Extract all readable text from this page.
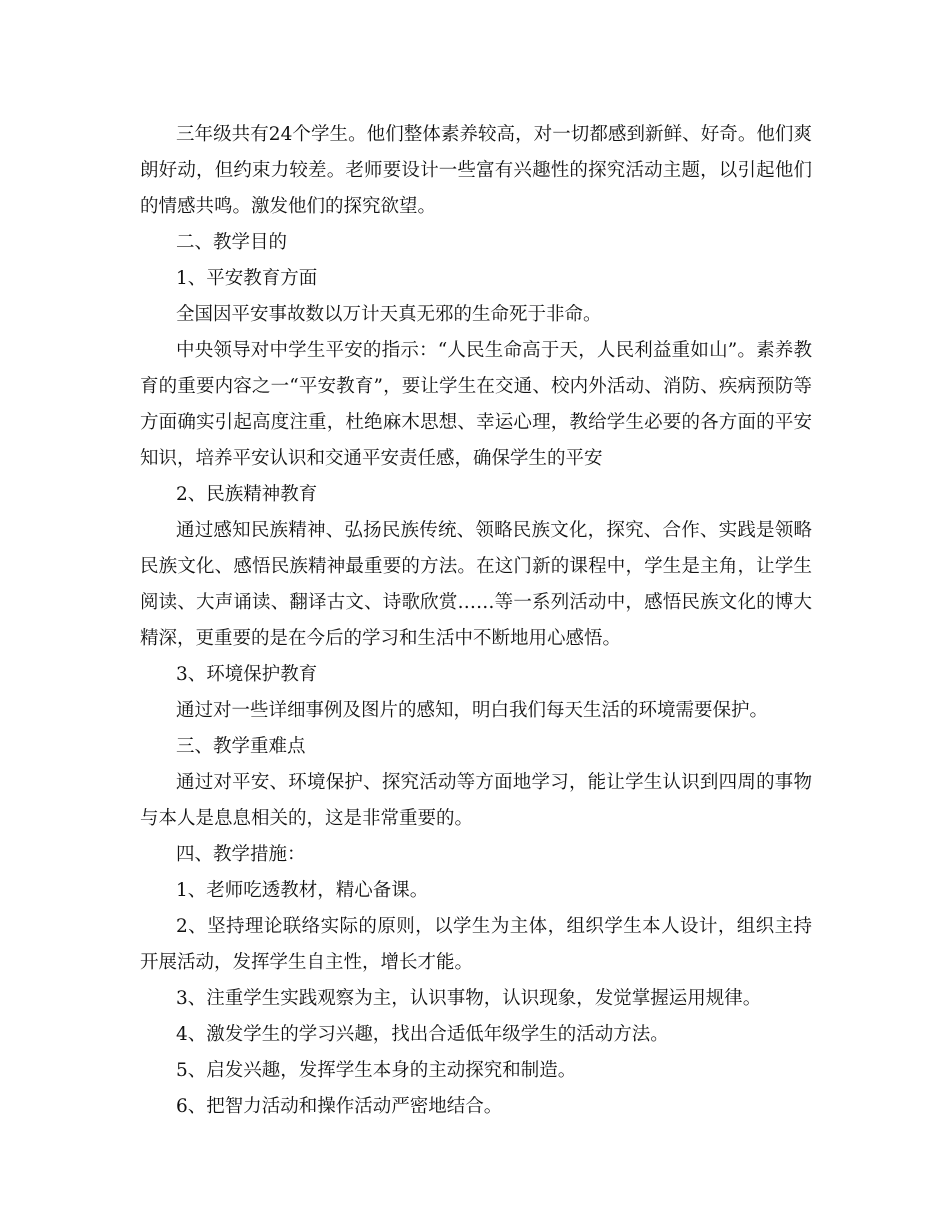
三年级共有24个学生。他们整体素养较高，对一切都感到新鲜、好奇。他们爽朗好动，但约束力较差。老师要设计一些富有兴趣性的探究活动主题，以引起他们的情感共鸣。激发他们的探究欲望。

二、教学目的

1、平安教育方面

全国因平安事故数以万计天真无邪的生命死于非命。

中央领导对中学生平安的指示：“人民生命高于天，人民利益重如山”。素养教育的重要内容之一“平安教育”，要让学生在交通、校内外活动、消防、疾病预防等方面确实引起高度注重，杜绝麻木思想、幸运心理，教给学生必要的各方面的平安知识，培养平安认识和交通平安责任感，确保学生的平安

2、民族精神教育

通过感知民族精神、弘扬民族传统、领略民族文化，探究、合作、实践是领略民族文化、感悟民族精神最重要的方法。在这门新的课程中，学生是主角，让学生阅读、大声诵读、翻译古文、诗歌欣赏……等一系列活动中，感悟民族文化的博大精深，更重要的是在今后的学习和生活中不断地用心感悟。

3、环境保护教育

通过对一些详细事例及图片的感知，明白我们每天生活的环境需要保护。

三、教学重难点

通过对平安、环境保护、探究活动等方面地学习，能让学生认识到四周的事物与本人是息息相关的，这是非常重要的。

四、教学措施：

1、老师吃透教材，精心备课。

2、坚持理论联络实际的原则，以学生为主体，组织学生本人设计，组织主持开展活动，发挥学生自主性，增长才能。

3、注重学生实践观察为主，认识事物，认识现象，发觉掌握运用规律。

4、激发学生的学习兴趣，找出合适低年级学生的活动方法。

5、启发兴趣，发挥学生本身的主动探究和制造。

6、把智力活动和操作活动严密地结合。
